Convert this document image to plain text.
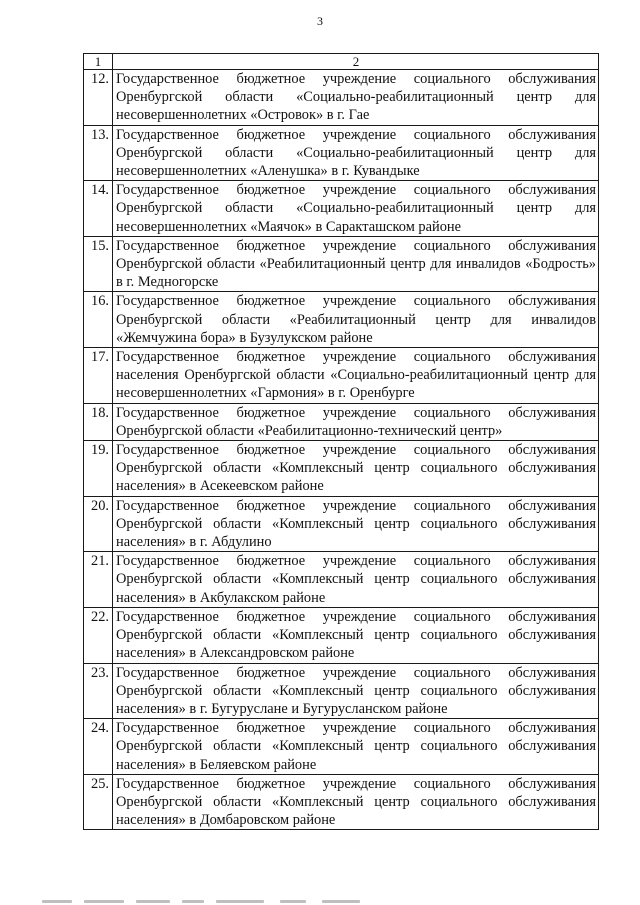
3
1	2
12.	Государственное бюджетное учреждение социального обслуживания Оренбургской области «Социально-реабилитационный центр для несовершеннолетних «Островок» в г. Гае
13.	Государственное бюджетное учреждение социального обслуживания Оренбургской области «Социально-реабилитационный центр для несовершеннолетних «Аленушка» в г. Кувандыке
14.	Государственное бюджетное учреждение социального обслуживания Оренбургской области «Социально-реабилитационный центр для несовершеннолетних «Маячок» в Саракташском районе
15.	Государственное бюджетное учреждение социального обслуживания Оренбургской области «Реабилитационный центр для инвалидов «Бодрость» в г. Медногорске
16.	Государственное бюджетное учреждение социального обслуживания Оренбургской области «Реабилитационный центр для инвалидов «Жемчужина бора» в Бузулукском районе
17.	Государственное бюджетное учреждение социального обслуживания населения Оренбургской области «Социально-реабилитационный центр для несовершеннолетних «Гармония» в г. Оренбурге
18.	Государственное бюджетное учреждение социального обслуживания Оренбургской области «Реабилитационно-технический центр»
19.	Государственное бюджетное учреждение социального обслуживания Оренбургской области «Комплексный центр социального обслуживания населения» в Асекеевском районе
20.	Государственное бюджетное учреждение социального обслуживания Оренбургской области «Комплексный центр социального обслуживания населения» в г. Абдулино
21.	Государственное бюджетное учреждение социального обслуживания Оренбургской области «Комплексный центр социального обслуживания населения» в Акбулакском районе
22.	Государственное бюджетное учреждение социального обслуживания Оренбургской области «Комплексный центр социального обслуживания населения» в Александровском районе
23.	Государственное бюджетное учреждение социального обслуживания Оренбургской области «Комплексный центр социального обслуживания населения» в г. Бугуруслане и Бугурусланском районе
24.	Государственное бюджетное учреждение социального обслуживания Оренбургской области «Комплексный центр социального обслуживания населения» в Беляевском районе
25.	Государственное бюджетное учреждение социального обслуживания Оренбургской области «Комплексный центр социального обслуживания населения» в Домбаровском районе
